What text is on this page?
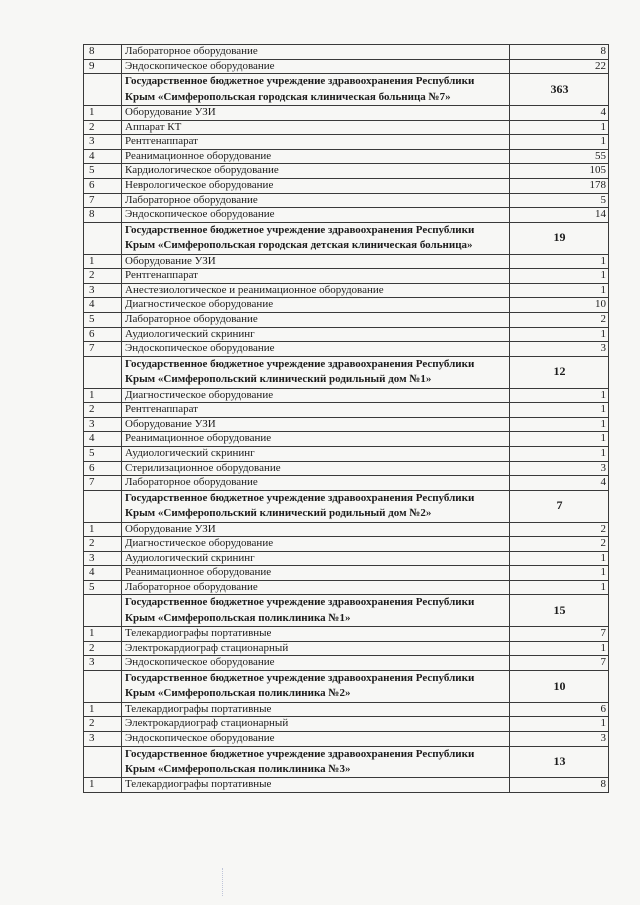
8	Лабораторное оборудование	8
9	Эндоскопическое оборудование	22
	Государственное бюджетное учреждение здравоохранения Республики Крым «Симферопольская городская клиническая больница №7»	363
1	Оборудование УЗИ	4
2	Аппарат КТ	1
3	Рентгенаппарат	1
4	Реанимационное оборудование	55
5	Кардиологическое оборудование	105
6	Неврологическое оборудование	178
7	Лабораторное оборудование	5
8	Эндоскопическое оборудование	14
	Государственное бюджетное учреждение здравоохранения Республики Крым «Симферопольская городская детская клиническая больница»	19
1	Оборудование УЗИ	1
2	Рентгенаппарат	1
3	Анестезиологическое и реанимационное оборудование	1
4	Диагностическое оборудование	10
5	Лабораторное оборудование	2
6	Аудиологический скрининг	1
7	Эндоскопическое оборудование	3
	Государственное бюджетное учреждение здравоохранения Республики Крым «Симферопольский клинический родильный дом №1»	12
1	Диагностическое оборудование	1
2	Рентгенаппарат	1
3	Оборудование УЗИ	1
4	Реанимационное оборудование	1
5	Аудиологический скрининг	1
6	Стерилизационное оборудование	3
7	Лабораторное оборудование	4
	Государственное бюджетное учреждение здравоохранения Республики Крым «Симферопольский клинический родильный дом №2»	7
1	Оборудование УЗИ	2
2	Диагностическое оборудование	2
3	Аудиологический скрининг	1
4	Реанимационное оборудование	1
5	Лабораторное оборудование	1
	Государственное бюджетное учреждение здравоохранения Республики Крым «Симферопольская поликлиника №1»	15
1	Телекардиографы портативные	7
2	Электрокардиограф стационарный	1
3	Эндоскопическое оборудование	7
	Государственное бюджетное учреждение здравоохранения Республики Крым «Симферопольская поликлиника №2»	10
1	Телекардиографы портативные	6
2	Электрокардиограф стационарный	1
3	Эндоскопическое оборудование	3
	Государственное бюджетное учреждение здравоохранения Республики Крым «Симферопольская поликлиника №3»	13
1	Телекардиографы портативные	8
